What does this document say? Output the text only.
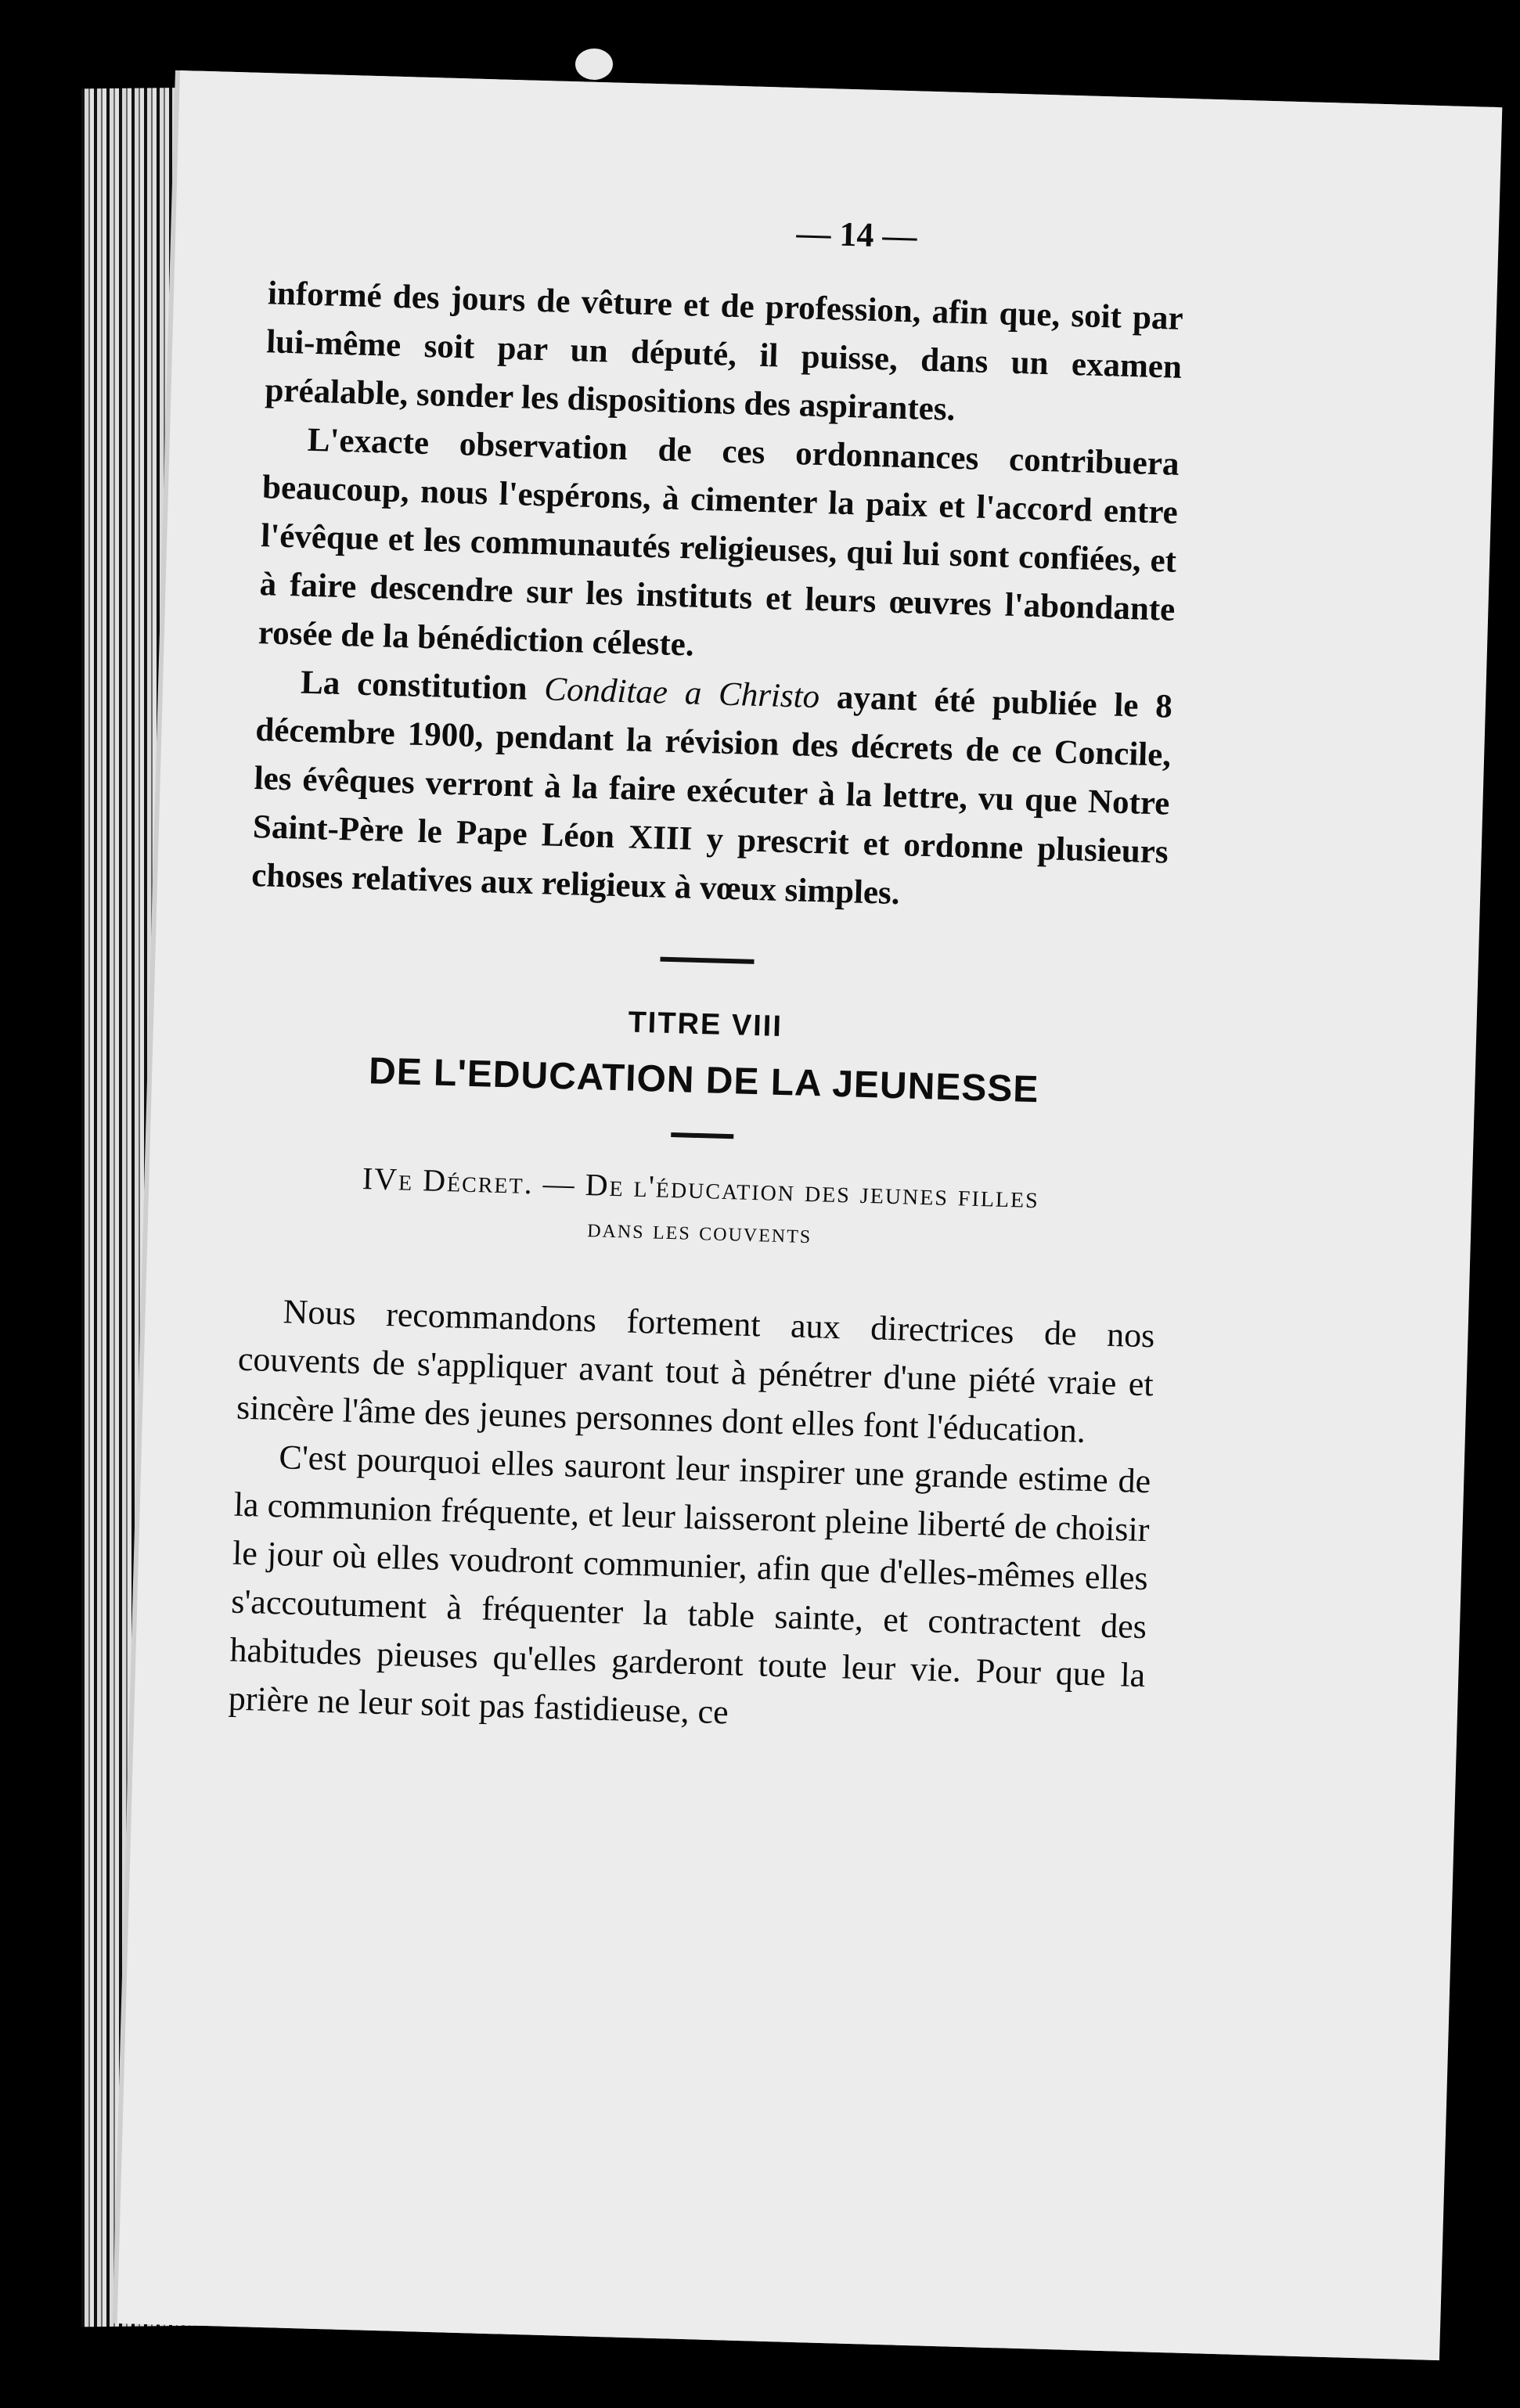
— 14 —

informé des jours de vêture et de profession, afin que, soit par lui-même soit par un député, il puisse, dans un examen préalable, sonder les dispositions des aspirantes.

L'exacte observation de ces ordonnances contribuera beaucoup, nous l'espérons, à cimenter la paix et l'accord entre l'évêque et les communautés religieuses, qui lui sont confiées, et à faire descendre sur les instituts et leurs œuvres l'abondante rosée de la bénédiction céleste.

La constitution Conditae a Christo ayant été publiée le 8 décembre 1900, pendant la révision des décrets de ce Concile, les évêques verront à la faire exécuter à la lettre, vu que Notre Saint-Père le Pape Léon XIII y prescrit et ordonne plusieurs choses relatives aux religieux à vœux simples.

TITRE VIII
DE L'EDUCATION DE LA JEUNESSE
IVe Décret. — De l'éducation des jeunes filles
dans les couvents

Nous recommandons fortement aux directrices de nos couvents de s'appliquer avant tout à pénétrer d'une piété vraie et sincère l'âme des jeunes personnes dont elles font l'éducation.

C'est pourquoi elles sauront leur inspirer une grande estime de la communion fréquente, et leur laisseront pleine liberté de choisir le jour où elles voudront communier, afin que d'elles-mêmes elles s'accoutument à fréquenter la table sainte, et contractent des habitudes pieuses qu'elles garderont toute leur vie. Pour que la prière ne leur soit pas fastidieuse, ce
